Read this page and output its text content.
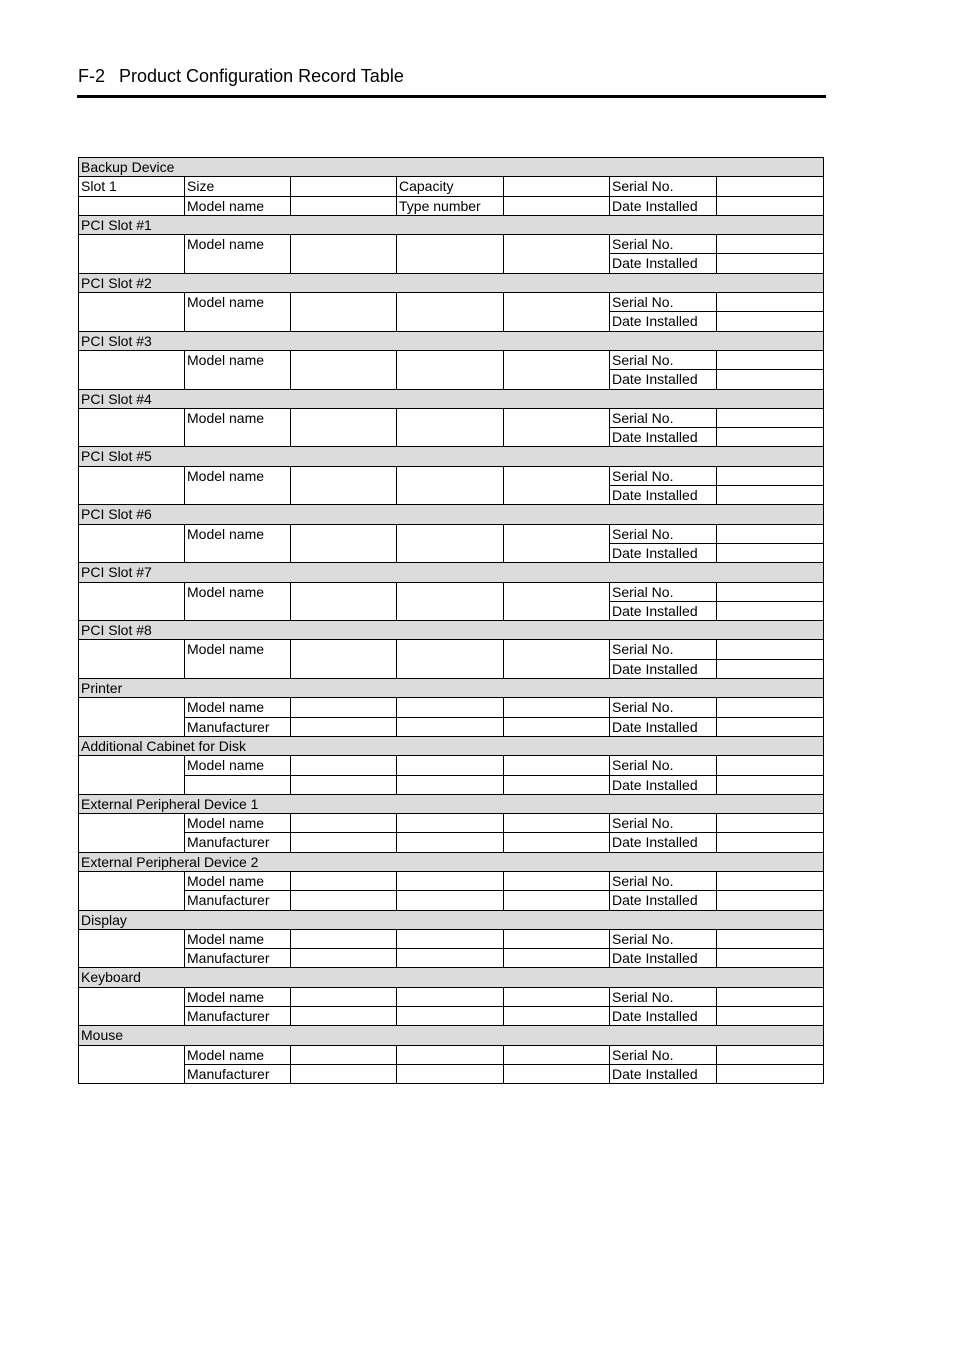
F-2 Product Configuration Record Table
Backup Device						
Slot 1	Size		Capacity		Serial No.	
	Model name		Type number		Date Installed	
PCI Slot #1						
	Model name				Serial No.	
					Date Installed	
PCI Slot #2						
	Model name				Serial No.	
					Date Installed	
PCI Slot #3						
	Model name				Serial No.	
					Date Installed	
PCI Slot #4						
	Model name				Serial No.	
					Date Installed	
PCI Slot #5						
	Model name				Serial No.	
					Date Installed	
PCI Slot #6						
	Model name				Serial No.	
					Date Installed	
PCI Slot #7						
	Model name				Serial No.	
					Date Installed	
PCI Slot #8						
	Model name				Serial No.	
					Date Installed	
Printer						
	Model name				Serial No.	
	Manufacturer				Date Installed	
Additional Cabinet for Disk						
	Model name				Serial No.	
					Date Installed	
External Peripheral Device 1						
	Model name				Serial No.	
	Manufacturer				Date Installed	
External Peripheral Device 2						
	Model name				Serial No.	
	Manufacturer				Date Installed	
Display						
	Model name				Serial No.	
	Manufacturer				Date Installed	
Keyboard						
	Model name				Serial No.	
	Manufacturer				Date Installed	
Mouse						
	Model name				Serial No.	
	Manufacturer				Date Installed	
